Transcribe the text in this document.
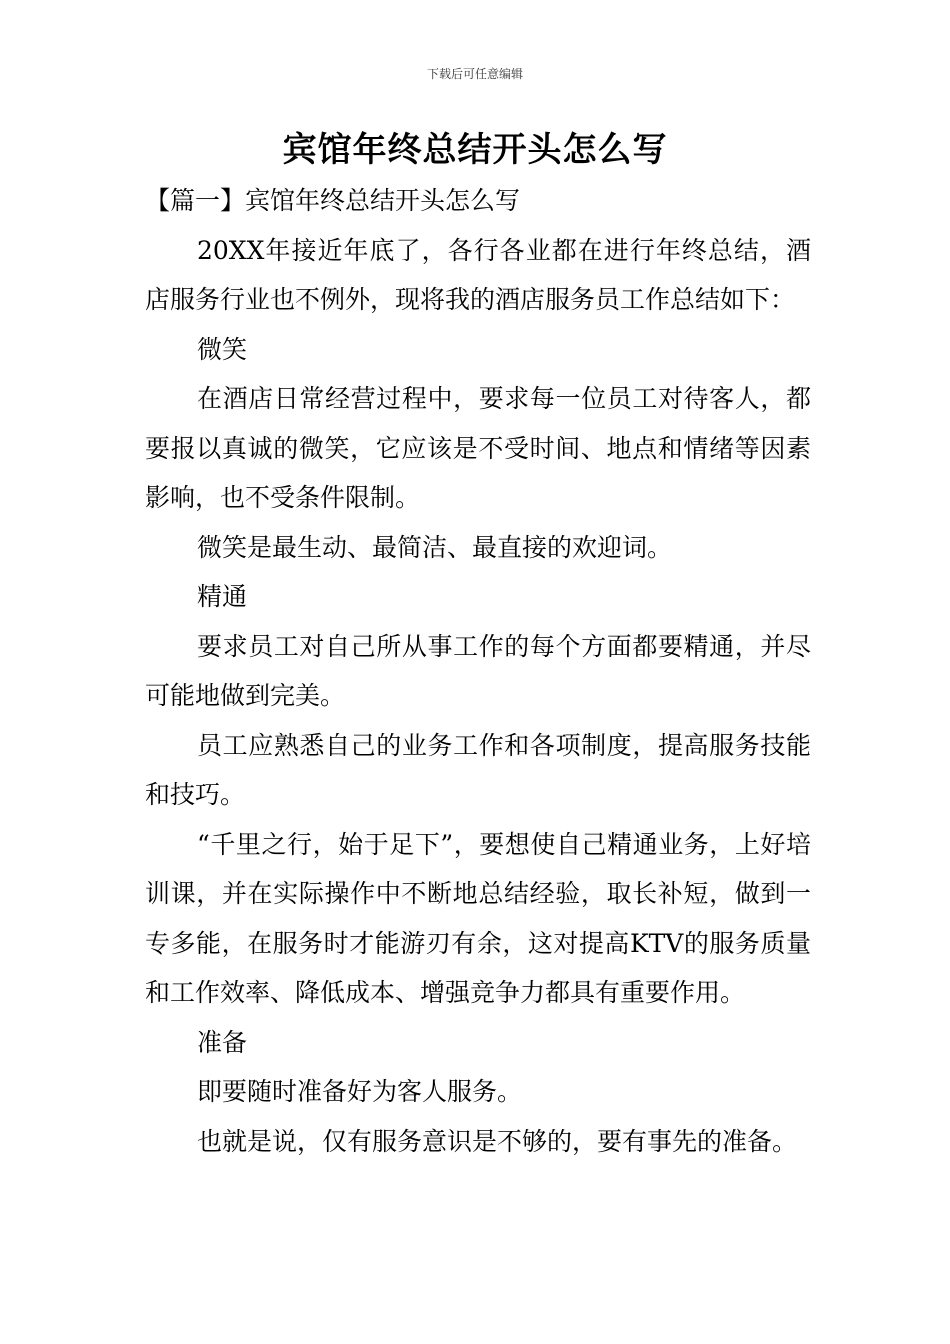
下载后可任意编辑
宾馆年终总结开头怎么写

【篇一】宾馆年终总结开头怎么写

20XX年接近年底了，各行各业都在进行年终总结，酒店服务行业也不例外，现将我的酒店服务员工作总结如下：

微笑

在酒店日常经营过程中，要求每一位员工对待客人，都要报以真诚的微笑，它应该是不受时间、地点和情绪等因素影响，也不受条件限制。

微笑是最生动、最简洁、最直接的欢迎词。

精通

要求员工对自己所从事工作的每个方面都要精通，并尽可能地做到完美。

员工应熟悉自己的业务工作和各项制度，提高服务技能和技巧。

“千里之行，始于足下”，要想使自己精通业务，上好培训课，并在实际操作中不断地总结经验，取长补短，做到一专多能，在服务时才能游刃有余，这对提高KTV的服务质量和工作效率、降低成本、增强竞争力都具有重要作用。

准备

即要随时准备好为客人服务。

也就是说，仅有服务意识是不够的，要有事先的准备。
